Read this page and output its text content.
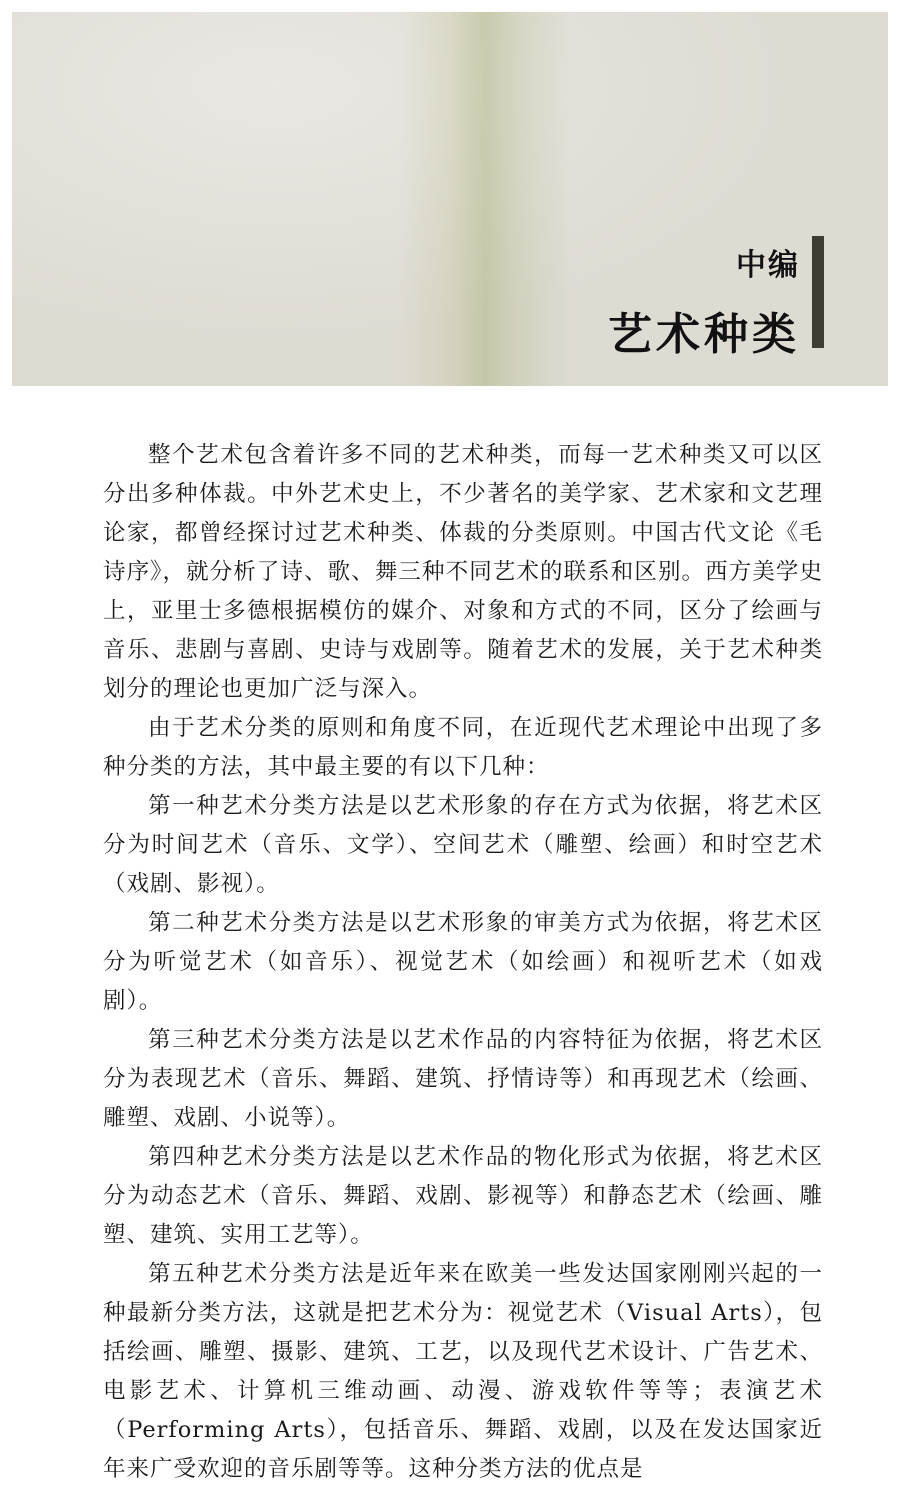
中编
艺术种类

整个艺术包含着许多不同的艺术种类，而每一艺术种类又可以区分出多种体裁。中外艺术史上，不少著名的美学家、艺术家和文艺理论家，都曾经探讨过艺术种类、体裁的分类原则。中国古代文论《毛诗序》，就分析了诗、歌、舞三种不同艺术的联系和区别。西方美学史上，亚里士多德根据模仿的媒介、对象和方式的不同，区分了绘画与音乐、悲剧与喜剧、史诗与戏剧等。随着艺术的发展，关于艺术种类划分的理论也更加广泛与深入。

由于艺术分类的原则和角度不同，在近现代艺术理论中出现了多种分类的方法，其中最主要的有以下几种：

第一种艺术分类方法是以艺术形象的存在方式为依据，将艺术区分为时间艺术（音乐、文学）、空间艺术（雕塑、绘画）和时空艺术（戏剧、影视）。

第二种艺术分类方法是以艺术形象的审美方式为依据，将艺术区分为听觉艺术（如音乐）、视觉艺术（如绘画）和视听艺术（如戏剧）。

第三种艺术分类方法是以艺术作品的内容特征为依据，将艺术区分为表现艺术（音乐、舞蹈、建筑、抒情诗等）和再现艺术（绘画、雕塑、戏剧、小说等）。

第四种艺术分类方法是以艺术作品的物化形式为依据，将艺术区分为动态艺术（音乐、舞蹈、戏剧、影视等）和静态艺术（绘画、雕塑、建筑、实用工艺等）。

第五种艺术分类方法是近年来在欧美一些发达国家刚刚兴起的一种最新分类方法，这就是把艺术分为：视觉艺术（Visual Arts），包括绘画、雕塑、摄影、建筑、工艺，以及现代艺术设计、广告艺术、电影艺术、计算机三维动画、动漫、游戏软件等等；表演艺术（Performing Arts），包括音乐、舞蹈、戏剧，以及在发达国家近年来广受欢迎的音乐剧等等。这种分类方法的优点是
